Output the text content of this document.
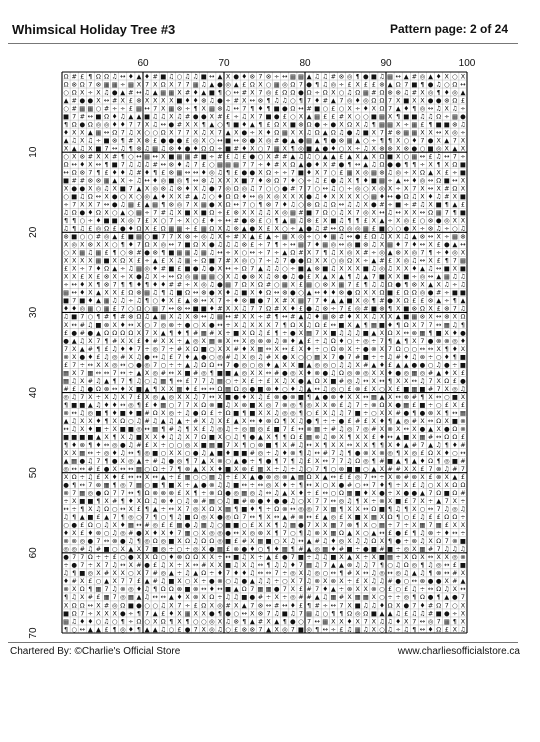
Whimsical Holiday Tree #3	Pattern page: 2 of 24
60	70	80	90	100
10
20
30
40
50
60
70
Ω # £ ¶ Ω Ω ♫ ↔ ♦ ▲ ♦ # ■ ♫ ○ ♫ ♫ ■ ↔ ▲ X ● ♦ ⊗ 7 ⊗ ÷ ↔ ▦ ▦ ▲ ♫ ♫ # ⊗ ◎ ¶ ● ■ ♫ ▦ ↔ ▲ # ◎ ▲ ♦ X ○ X
Ω ⊗ Ω 7 ⊗ ▦ ▦ ÷ ▦ X 7 X Ω X 7 7 ▦ ♫ ▲ ● ◎ ▲ £ Ω X ○ ▦ ◎ Ω 7 ● ¶ ♫ ◎ ÷ £ X £ £ ⊗ ▲ Ω 7 ■ ¶ ● ♫ ○ Ω ↔
○ Ω X ÷ X ♫ ● ▲ # ↔ ♫ ▲ ▦ ▦ X # ♦ ▲ ■ ¶ ○ ↔ # X 7 ◎ £ Ω Ω ● Ω ÷ Ω X ○ ♫ Ω ▦ # Ω ⊗ ⊗ ♫ # X ◎ ¶ ♦ ◎ ▲
▲ # ● ● X ↔ # X £ ⊗ X X X X ■ ♦ ♦ ⊗ ♫ ● ÷ # X ↔ ⊗ ¶ ♫ ♫ ○ ¶ 7 ♦ # ▲ 7 ◎ ♦ ◎ Ω Ω 7 X ■ X X ● ● ⊗ Ω £
○ # ▦ ▦ ○ # ÷ ÷ £ ▦ ↔ 7 X ▦ ⊗ ÷ ¶ X ▦ ⊗ ♫ ↔ 7 ¶ ♦ ¶ ■ ● Ω ↔ # ■ ○ £ ○ X ÷ ♦ X Ω 7 ▲ ♦ ¶ ◎ ↔ ♫ X ♫ ÷
■ 7 # ↔ ■ Ω ♦ ♫ ▲ ▲ ■ ♫ ♫ X ♫ # ● ● X # £ ÷ ♫ X 7 ■ ● £ ○ X ▲ ▦ £ £ # X ○ ○ ■ ▦ X ¶ ■ ■ ♫ ♫ Ω ÷ ▦ ●
¶ Ω ● Ω ◎ ◎ ♦ ♦ 7 7 X ♫ ↔ ● # X X ¶ ▲ ○ ¶ ■ ♦ ▲ ¶ £ Ω X ■ ⊗ Ω ● ÷ ● X Ω X ♫ ¶ ▦ ▦ X ÷ ▦ £ ¶ ■ ■ ⊗ ♫
♦ X X ▲ ▦ ↔ Ω 7 ♫ X ○ ○ Ω X 7 7 X ♫ X 7 ▲ X ● ÷ X ♦ Ω ▦ X X ♫ Ω ▲ Ω ♫ ● ♫ ■ X 7 # ⊗ ▦ ▦ X X ↔ X ◎ ÷
▲ ♫ X ♫ ÷ ■ ⊗ ¶ # X ⊗ £ ● ● ● £ ◎ X ○ ↔ ■ ↔ ⊗ ● X ◎ # ● ▲ ● ▦ ▲ ¶ ● ⊗ ▦ ▲ ○ ÷ ¶ ¶ X ○ ♦ 7 ● X ▲ 7 X
X ▲ ♫ X ■ 7 ↔ ♫ ¶ ⊗ ♫ ▦ ♫ ⊗ ♦ ● ♦ Ω Ω ÷ ■ # ♦ X ○ 7 ▦ X ¶ ◎ ■ ▲ ● ♦ ○ X ÷ ♫ X ⊗ ⊗ X ⊗ ● ○ ■ ◎ X ▲ X
○ X ⊗ # X X # ¶ ○ ↔ ▦ ↔ X ■ ▦ ▦ # ■ ÷ # £ ♫ £ ● ○ X # # ▲ ♫ ♫ ○ ▲ ▲ £ ▲ X ▲ X Ω ■ X ○ ▦ ↔ £ ♫ ↔ 7 ÷
Ω ↔ ♦ X ↔ ¶ ■ 7 ♫ ♫ ♫ # ↔ ⊗ ♦ ♫ 7 £ ○ ▦ ▦ ▦ 7 7 ÷ ♦ # X Ω ▲ ● ♦ X # ● ¶ ↔ ▲ ♫ Ω ● ● ¶ ¶ ÷ X ¶ X Ω ■
↔ Ω ⊗ 7 ¶ £ ♦ ♦ ♫ # ♦ ¶ £ ⊗ ▦ ↔ ↔ ♦ ◎ ♫ ¶ £ ● ● X Ω ÷ ÷ 7 ■ ♦ X 7 ○ £ ▦ X ◎ ▦ ⊗ ♫ ◎ ÷ X Ω ▲ X £ ÷ ■
■ # # ⊗ ⊗ ▦ ▲ X ÷ ♫ ↔ ♦ ◎ ■ ◎ ¶ ↔ ⊗ ♫ X X X ■ 7 ♦ ⊗ Ω 7 ♦ ○ ÷ ♫ £ ● ♫ X ¶ ♦ ■ ▦ ÷ ▲ ↔ ♦ ◎ ↔ Ω ■ ↔ X
X ● ● X ◎ ♫ X ■ 7 ▲ X ◎ ⊗ ♫ ⊗ ♦ X ♫ ● 7 ◎ Ω ◎ ♫ 7 ○ ○ ● # 7 7 ○ ↔ ♫ ○ ÷ ◎ ○ X ◎ X ÷ X 7 X ↔ X # Ω X
○ ■ ♫ Ω ↔ X ● ○ X ○ ◎ ▲ ♦ X X # ▲ ♫ ○ ♦ Ω Ω ♦ ↔ ◎ X ◎ X X X ● ♫ ♦ X X X X ○ ▦ ♦ ↔ ● Ω ♫ X ♦ ♫ # X ■
÷ 7 X X 7 ↔ ● ♫ ▦ £ ▲ ▦ ¶ ⊗ ◎ 7 X ▦ ● X Ω ↔ 7 ○ ¶ ⊗ 7 ♦ ♫ ○ ⊗ Ω ♫ Ω ↔ ♫ ♫ X ● # ÷ ■ ÷ # ♫ X ■ ¶ ▲ £
♫ Ω ● ♦ Ω X ○ ▲ ○ ▦ ÷ 7 # ♫ X ■ X ■ Ω ÷ £ ⊗ X X ♫ ♫ X ◎ ▦ # ■ 7 Ω ○ ♫ X 7 ◎ X ↔ ♫ ↔ X X ↔ Ω ▦ 7 ¶ ■
¶ ¶ ○ ÷ ♦ ■ ■ X ◎ 7 £ X ○ 7 ÷ X ○ £ ♦ ÷ ↔ # ● ⊗ £ ○ ¶ ▲ ▦ ♫ ⊗ £ X ■ ♫ ¶ ¶ £ X ▲ ÷ X ◎ £ ○ ⊗ ● ◎ X X
♫ ¶ ♫ £ ◎ Ω £ ● ♦ Ω X £ Ω ▦ ▦ ÷ £ ▦ Ω X ♫ ⊗ ▲ ● X £ X ○ ÷ ▲ ● ♫ # ↔ Ω ◎ ◎ ▦ £ ■ ○ ○ ● X ÷ ⊗ ♫ ÷ ○ ♫
⊗ ■ ○ ○ # ◎ ▲ £ ■ ▦ ○ ■ 7 7 X ⊗ ÷ ◎ ♫ X ÷ # X ▲ £ ▲ ÷ ▦ X ◎ ÷ ○ ♦ ▦ ♫ ↔ ● £ Ω ♫ X X ♫ ▲ ⊗ ↔ X ÷ ▦ ⊗
X ◎ X ⊗ X X ○ ¶ ♦ 7 Ω X ◎ ↔ 7 ■ Ω X ● ♫ ♫ ♫ ⊗ £ ÷ 7 ¶ ÷ ↔ ▦ 7 ♦ ▦ ◎ ↔ ◎ ■ ⊗ ♫ X ▦ ♦ 7 ♦ ↔ X £ ● ▲ ↔
○ X ▦ ♫ ▦ £ ¶ ○ ⊗ # ● ⊗ ¶ ■ ▦ ▦ ♫ ▦ ♫ ↔ ÷ X ○ ↔ ÷ 7 ÷ ▲ Ω # X 7 ¶ ♫ X ◎ X # ÷ ◎ ▲ ⊗ X ◎ 7 ¶ ÷ ♦ ◎ X
X X X X ▦ ■ X Ω X £ ÷ ▲ £ X ♫ ▦ ÷ Ω ■ 7 # X ◎ ○ 7 ÷ ♫ 7 ● ● Ω X X ○ ◎ Ω X ÷ ▲ # £ X ◎ ♫ ↔ X £ ¶ 7 ▦
£ X ÷ 7 ♦ Ω ▲ ÷ ♫ ▦ ◎ ♦ # ■ £ ■ ● ♫ ● X ↔ ÷ Ω 7 ▲ ♫ ♫ ○ ÷ ■ ▲ ⊗ ■ ♫ X X X ■ ♫ ◎ ♫ X X ♦ ▲ ♫ ↔ ■ X ■
X X £ X £ ⊗ X ÷ X ● ♫ X ÷ ↔ Ω ◎ ▦ ▦ ▦ ○ X ♫ ● ⊗ X ♫ ⊗ ● ♫ ● £ X ▲ X ▲ ¶ ♫ ▲ 7 ■ X X ■ ÷ ◎ ↔ ▲ ▦ ♫ ♫
÷ ↔ ♦ X ¶ ⊗ 7 ¶ ¶ ♦ ¶ ♦ ♦ # # ÷ X ◎ ♫ ● ▦ 7 Ω X Ω # ○ ▦ X £ ▦ ○ ⊗ X ▦ 7 £ ¶ ♫ ♫ Ω ● ¶ ⊗ X ▲ X ♫ ÷ ♫
▦ ↔ ♦ X ▲ X X £ Ω ⊗ ▦ ♫ ¶ ♫ ■ Ω ↔ ⊗ ● X ♦ ♫ ■ X ♦ Ω ↔ ⊗ ● ○ ▲ ↔ ♦ ♦ ⊗ ● Ω X X Ω ■ £ Ω Ω ◎ ● # ÷ ■ ■
■ 7 ■ ♦ ▲ ▦ ♫ ♫ ÷ ♫ ¶ ○ ♦ X £ ▲ ⊗ ↔ X 7 ÷ ♦ ⊗ ■ ● 7 X # X ▦ 7 7 ♦ ▲ ▲ ■ X ◎ ¶ # ● X Ω £ £ ⊗ ▲ ÷ ¶ ▲
♦ ♦ ◎ ▦ ○ ▦ £ 7 ○ Ω ○ ▦ 7 ↔ ⊗ ↔ ■ ■ ♦ # X X ♫ 7 7 Ω # X ♦ £ ● ♫ ⊗ ÷ 7 £ ◎ # ■ ⊗ ¶ X ■ ⊗ Ω X £ ⊗ 7 ♫
♫ ■ 7 ○ ¶ # ¶ # ⊗ Ω ♫ ▲ ▦ X ♫ X ⊗ ↔ ♫ ▦ ↔ # X X ÷ # ¶ ↔ # ▲ ♫ ♦ ▦ ⊗ # ♦ X X ♫ X X ▲ ■ ▦ ⊗ X ↔ ⊗ X Ω
X ↔ # ♫ ■ ⊗ X ♦ ↔ X ○ 7 ◎ ⊗ ÷ ● ○ X ● ↔ ÷ X ♫ X X X 7 ¶ Ω X ♫ Ω £ ↔ ■ X ▲ ¶ ▦ ■ ♦ ¶ Ω X 7 7 ↔ ▦ ♫ ¶
£ ● # ● ▲ Ω Ω Ω Ω X 7 X ▲ ¶ ♦ ¶ # ▦ # X ÷ ■ X Ω ♫ £ ¶ ÷ ● X ▦ 7 X ■ ♫ ♫ ♫ ■ ▲ X Ω X ↔ ⊗ ▦ ¶ ■ X ♦ ●
● ▲ ♫ X 7 ¶ # X X £ ♦ # X X ÷ ▲ ◎ X ▦ ⊗ X ↔ X ◎ ⊗ ⊗ ♫ ⊗ ♦ ▲ £ ÷ ♫ Ω ♦ ○ ÷ ◎ ÷ 7 ¶ ▲ ¶ X 7 ● ⊗ ⊗ ◎ ♦
7 X ▲ # ¶ £ ♫ ♦ ♦ 7 ÷ ◎ 7 ÷ # X Ω ■ ○ X X # ♦ X ▦ ↔ X ↔ £ X ♦ ÷ ○ Ω ⊗ X ÷ ● ⊗ X 7 Ω ○ ○ ↔ ↔ X ¶ ♦ X
⊗ X ● ♦ £ ♫ ◎ # X ♫ ● ↔ ♫ £ 7 ♦ ▲ ● ○ ◎ # ♫ X ◎ ♫ # X ● X ○ ○ ▦ X 7 ● 7 # ■ ÷ ÷ ♫ # ♦ ♫ ⊗ ÷ ○ ♦ ¶ ■
£ 7 ÷ ↔ X X ◎ ↔ ○ ● ◎ 7 ○ ÷ ÷ ▲ ♫ Ω Ω ↔ 7 ● ◎ ○ ◎ ♦ ▲ X X ■ ▲ ◎ ◎ ○ ♫ ♫ X # ▲ ♦ £ ▲ ▲ ● ● ○ ♫ ● ÷ ■
▦ X 7 ▦ ↔ ↔ 7 ↔ ÷ ▲ X ◎ # ↔ X ■ # ◎ ¶ ■ ■ ▲ ◎ X X ↔ # ● ◎ X ♦ ⊗ ● ♫ Ω ◎ ⊗ ◎ X X ♦ ● ◎ ▦ ◎ # ▲ ♦ X £
▦ ♫ X # ♫ ▲ ¶ 7 ¶ ♫ ○ ♫ ▦ ¶ ↔ £ 7 7 ♫ ▦ ○ ÷ X £ ÷ £ X ♫ X ● ▲ Ω X ■ # ◎ ♫ ↔ X ↔ ¶ X X ↔ ♫ 7 X Ω £ ●
# £ ♫ ● Ω ⊗ ↔ ♦ X ■ ▲ ¶ X X ▦ ♦ £ ↔ ↔ Ω ▦ Ω ◎ ● ■ ⊗ ♦ ○ ♦ ♫ ▲ ↔ ♫ ◎ ○ £ ⊗ £ X ○ X £ ■ ▦ ■ # 7 X ◎ ♫
◎ ♫ 7 X ÷ X ♫ X 7 £ X ◎ ▲ ◎ X X ♫ 7 ↔ X ■ ● ♦ X ♫ £ ⊗ ● ⊗ ■ ¶ ▲ ● ⊗ ♦ X X ↔ ▦ ▲ X ↔ ⊗ # ¶ X ↔ ○ ■ X
¶ ■ ■ ▲ ♫ ♦ ♦ ↔ ◎ ¶ £ ♦ ▦ ○ 7 7 X Ω ⊗ ■ ♫ X ⊗ ■ X ◎ 7 ⊗ ◎ ¶ ◎ X X ⊗ £ ♫ 7 ÷ ⊗ Ω X ● ▦ £ ■ ÷ ○ £ X £
⊗ ↔ ♫ ◎ ■ ¶ ♦ ■ ♦ ■ # Ω X ◎ ÷ ♫ ● Ω £ ÷ Ω ■ ¶ ■ X X ♫ ◎ ◎ ¶ ○ £ X ♫ ♫ 7 ■ ÷ ○ X X # ● ¶ ● ⊗ X ¶ ↔ ▦
▲ ♫ X X ♦ ¶ X Ω ○ ♫ # ♫ ▲ ♫ ▲ ÷ # X ♫ X £ ▲ X ↔ ♦ ⊗ Ω ¶ X ♫ ● ¶ ÷ ÷ ● £ # £ X ♦ ¶ ▲ ◎ # X ↔ Ω X ■ ⊗
↔ ♫ X ♦ ■ ÷ X ■ ■ ◎ ↔ ▦ ¶ # ♫ ¶ X £ ♫ ◎ ♫ ÷ ◎ ▦ ◎ £ ■ 7 £ ↔ ⊗ ▦ ÷ # ♫ ◎ 7 ◎ # X ⊗ X ↔ X ● ▲ X ● Ω ⊗
■ ■ ■ ■ ▲ X ¶ X ♫ ■ X X ♦ ♫ ♫ X 7 Ω ■ X ○ ♫ ¶ ● ▲ X ¶ ¶ Ω £ ▦ ⊗ ♫ ⊗ X ¶ X X £ ♦ ↔ ▲ ■ X ▦ # ↔ Ω Ω £
¶ ♦ ⊗ ¶ ♦ ↔ ◎ ● ♫ # £ X ÷ ○ ○ ◎ X ■ ▦ ■ 7 X ¶ ○ ⊗ ■ ¶ X # ♫ ↔ X ¶ X X ↔ X X ¶ ¶ X ♦ ▲ # 7 ▲ ♫ ¶ ♦ #
X X ▦ ↔ ÷ ◎ ♦ ♫ ↔ ¶ ◎ ■ ○ X X ○ ● ♫ ▲ ■ ♦ ■ ■ # ◎ ÷ ♫ ♦ ⊗ ¶ ♫ ↔ # 7 ♫ ¶ ● ⊗ X ⊗ ◎ ¶ X ◎ £ Ω X ♦ ○ ↔
▲ ▦ ● ♫ 7 ¶ ● X ◎ ▲ ÷ # ♫ ● ◎ ¶ 7 ▲ X ⊗ ○ ▲ ● ÷ ¶ ● ¶ 7 ¶ ♫ £ X ↔ 7 7 ♫ Ω ◎ ¶ # ■ ▲ ¶ ▲ ♦ Ω ¶ ◎ ■ #
◎ ↔ ↔ # £ ● X ↔ ↔ ▦ ○ Ω ÷ 7 ¶ ⊗ ▲ X X ♦ ■ X ⊗ £ ▦ X ÷ ♫ ÷ ♫ ○ 7 ¶ ○ ⊗ ■ ■ ○ ▲ X # # X X £ 7 ⊗ ♫ # 7
X Ω ÷ ♫ £ X ♦ £ ↔ ↔ X ↔ ▲ ÷ £ ▦ ○ ○ ▦ ♫ ÷ £ X ▲ ● ⊗ ◎ ⊗ ▲ ▦ Ω X ▲ ↔ £ £ ◎ 7 ↔ ÷ X ⊗ # ⊗ X £ ⊗ X ▲ £
● ¶ ↔ 7 ⊗ ▦ ¶ ◎ 7 ▦ ○ ■ ¶ ■ X ÷ ▲ ● ⊗ ♫ ♫ ■ ↔ ÷ ↔ ◎ X ♦ ÷ ¶ ↔ X ○ X ● # ○ ↔ 7 ♦ ¶ ÷ X £ ♫ ○ X X Ω Ω
⊗ 7 ▦ ◎ ● Ω 7 7 ↔ ¶ Ω ⊗ ⊗ ⊗ £ X ¶ ÷ ⊗ Ω ● ◎ ▦ ◎ ♫ ↔ ♫ ▲ X ♦ ÷ £ ↔ ○ Ω ▦ ■ ♦ X ● ÷ X ● ● ▲ 7 Ω ■ Ω #
÷ X ■ ■ ¶ X # ¶ ♦ X Ω ♫ ⊗ ♦ ○ ♫ ⊗ # ▦ ○ ♫ ■ # ⊗ ● ♦ ● ● ♫ ○ X 7 7 ↔ ◎ ♫ ¶ X ÷ ⊗ X ■ £ 7 X ÷ ▲ 7 X ÷
↔ ÷ ¶ X ♫ Ω ○ ↔ X £ ¶ ▲ ÷ ↔ X 7 ◎ X Ω X ▦ ¶ ■ ♦ ¶ ÷ Ω ⊗ ↔ ◎ ◎ 7 X ▦ ¶ X X ↔ Ω ■ ¶ ♫ ¶ X ○ ↔ 7 ♫ ◎ ♫
♫ ¶ ▲ ■ £ ▲ 7 ¶ ◎ ○ 7 ¶ ○ ¶ ♫ ■ Ω ◎ X ● ◎ Ω 7 ↔ ¶ X ↔ ▲ # ⊗ ↔ £ ▲ ◎ £ X ■ X ▦ X Ω ¶ ○ £ ♫ £ £ Ω Ω ÷
○ ● £ Ω ○ ♫ X ♦ ▦ ↔ # ◎ £ £ ▦ ● ♫ ▦ ♫ ○ ■ ■ ○ £ X X ¶ ♫ ▦ ● 7 X X ▦ 7 ⊗ ¶ X ○ ▦ ÷ 7 ÷ X ▦ 7 ▦ £ X X
♦ X £ ♦ ⊗ ○ ♫ ◎ # ● X ♦ X ♦ 7 ▦ ○ X ◎ ◎ ● ↔ X ◎ ⊗ X ¶ 7 ○ ¶ ♫ ⊗ X ▦ Ω ▲ X ○ ▲ ↔ £ ● £ ¶ ♫ ⊗ ÷ ♦ ↔ ÷
⊗ ⊗ ◎ ● 7 ↔ ⊗ ● ♫ ¶ ◎ Ω ◎ ■ X Ω ♫ Ω Ω ◎ ■ £ # X ▦ ■ ○ X ♫ ↔ ▲ # ♫ ♦ ◎ X ♫ ♫ Ω X ¶ ● ÷ ⊗ ♫ X Ω 7 ⊗ ■
◎ ◎ # ♫ # ■ ○ X ▲ X 7 ■ ◎ ÷ ○ ÷ ◎ X ● ▦ £ ⊗ ● ♦ ○ ¶ ♦ ▦ ¶ # ▲ ◎ ▦ ♦ # ■ ÷ ● ■ # ■ ÷ ◎ X ▦ # 7 ♫ ♫ ♫
● 7 7 Ω ÷ ÷ £ ○ ● X X Ω ○ ♦ ⊗ Ω Ω X X ÷ ↔ ■ ♫ X ÷ ▲ £ ● 7 ■ ÷ ♫ ♫ ■ X ▲ X ÷ X ■ ▦ ÷ X Ω X ↔ X X ◎ ⊗
÷ ● 7 ÷ X 7 ♫ ↔ X # ● £ ♫ X ÷ X ↔ # X X ■ ♫ X ♫ ↔ ¶ ♫ ♫ ♦ 7 ▦ ♫ 7 ▲ ▲ ⊗ ♫ ♫ 7 ¶ ○ ♫ Ω ◎ ¶ ♫ ◎ ↔ £ ■
♫ ¶ ■ ◎ X # X X ○ X 7 # ◎ ▲ ÷ ♫ ▲ Ω ÷ ♦ 7 ♦ ♦ ♫ ↔ ↔ 7 ÷ ◎ X ♫ ◎ ○ ↔ ¶ # X ↔ ♫ ◎ ↔ ◎ ♫ ▲ ♫ ¶ ⊗ ↔ # X
♦ # X £ ○ ▲ X 7 7 £ ▲ # ♫ ■ X ○ X ÷ ● ⊗ ○ ♫ ● ▲ ♫ ♫ ÷ ○ X 7 ♫ ⊗ X ⊗ X ÷ £ X ♫ ♫ # ● ○ ↔ ⊗ ● ● X # ▲
⊗ X Ω ¶ ▦ 7 ♫ ⊗ ◎ ♦ ♫ ¶ Ω Ω ⊗ ■ ⊗ ↔ ♦ ↔ ■ ▲ Ω 7 ▦ ▦ ● 7 X £ # 7 ♦ ▲ ÷ ⊗ X X ⊗ ○ £ ○ £ ♫ ÷ ↔ Ω ♫ X ↔
¶ ♫ X # £ ▦ 7 ◎ ▦ ▲ ♫ ↔ ↔ ▲ ♦ X ⊗ X Ω ÷ ♫ ♫ ■ ● # ÷ X ÷ ◎ # # ▲ ♫ ▦ # X ▦ ▦ X ○ ÷ ÷ ◎ ¶ Ω ● ¶ ▲ ● 7
X Ω Ω ↔ X # ◎ Ω ■ ● ○ ○ ♫ X 7 ÷ £ Ω X ◎ # X ▲ 7 ⊗ ↔ # ↔ ♦ £ ¶ # ÷ ↔ 7 X ■ ♫ ♫ ♦ Ω X ● 7 ♦ # Ω 7 ○ X
■ Ω 7 ÷ X X X ● ÷ ¶ 7 ▲ £ ♦ X ▦ X X ● ¶ ● ○ ↔ X ⊗ 7 ♫ ■ ♫ 7 ▦ ♫ ○ ¶ ¶ Ω ◎ Ω ■ ▲ ▲ ♫ £ ♫ ♫ # ■ ● ÷ X
▦ ♫ ♦ ♦ ○ ♫ ○ ¶ ÷ Ω ○ X Ω ¶ X ¶ ○ ○ ◎ X ♫ ⊗ ¶ ▲ # X ▲ ¶ ● ○ 7 ↔ ▦ X X ♦ X 7 X ♫ ♫ ♦ X 7 ↔ ◎ 7 ▦ ¶ X
¶ ○ ↔ ▲ ▲ £ ¶ ◎ ♦ ¶ ▲ ▲ ♫ ○ £ ● 7 X ◎ ♫ ○ £ ⊗ ⊗ 7 ▲ X ◎ 7 ■ ◎ ¶ ↔ ÷ £ ♫ ▦ ♫ X ○ ♫ ÷ ♫ ¶ ↔ ♦ Ω £ X ♫
Chartered By: ©Charlie's Official Store	www.charliesofficialstore.ca
